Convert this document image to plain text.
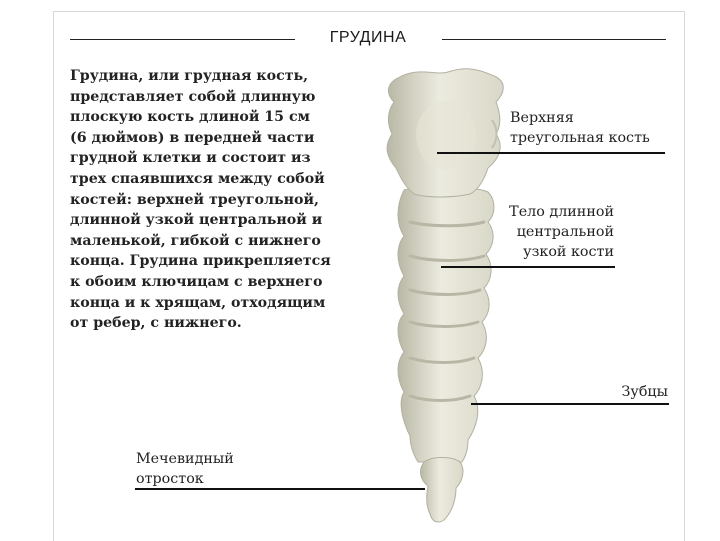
ГРУДИНА
Грудина, или грудная кость,
представляет собой длинную
плоскую кость длиной 15 см
(6 дюймов) в передней части
грудной клетки и состоит из
трех спаявшихся между собой
костей: верхней треугольной,
длинной узкой центральной и
маленькой, гибкой с нижнего
конца. Грудина прикрепляется
к обоим ключицам с верхнего
конца и к хрящам, отходящим
от ребер, с нижнего.
Верхняя
треугольная кость
Тело длинной
центральной
узкой кости
Зубцы
Мечевидный
отросток
